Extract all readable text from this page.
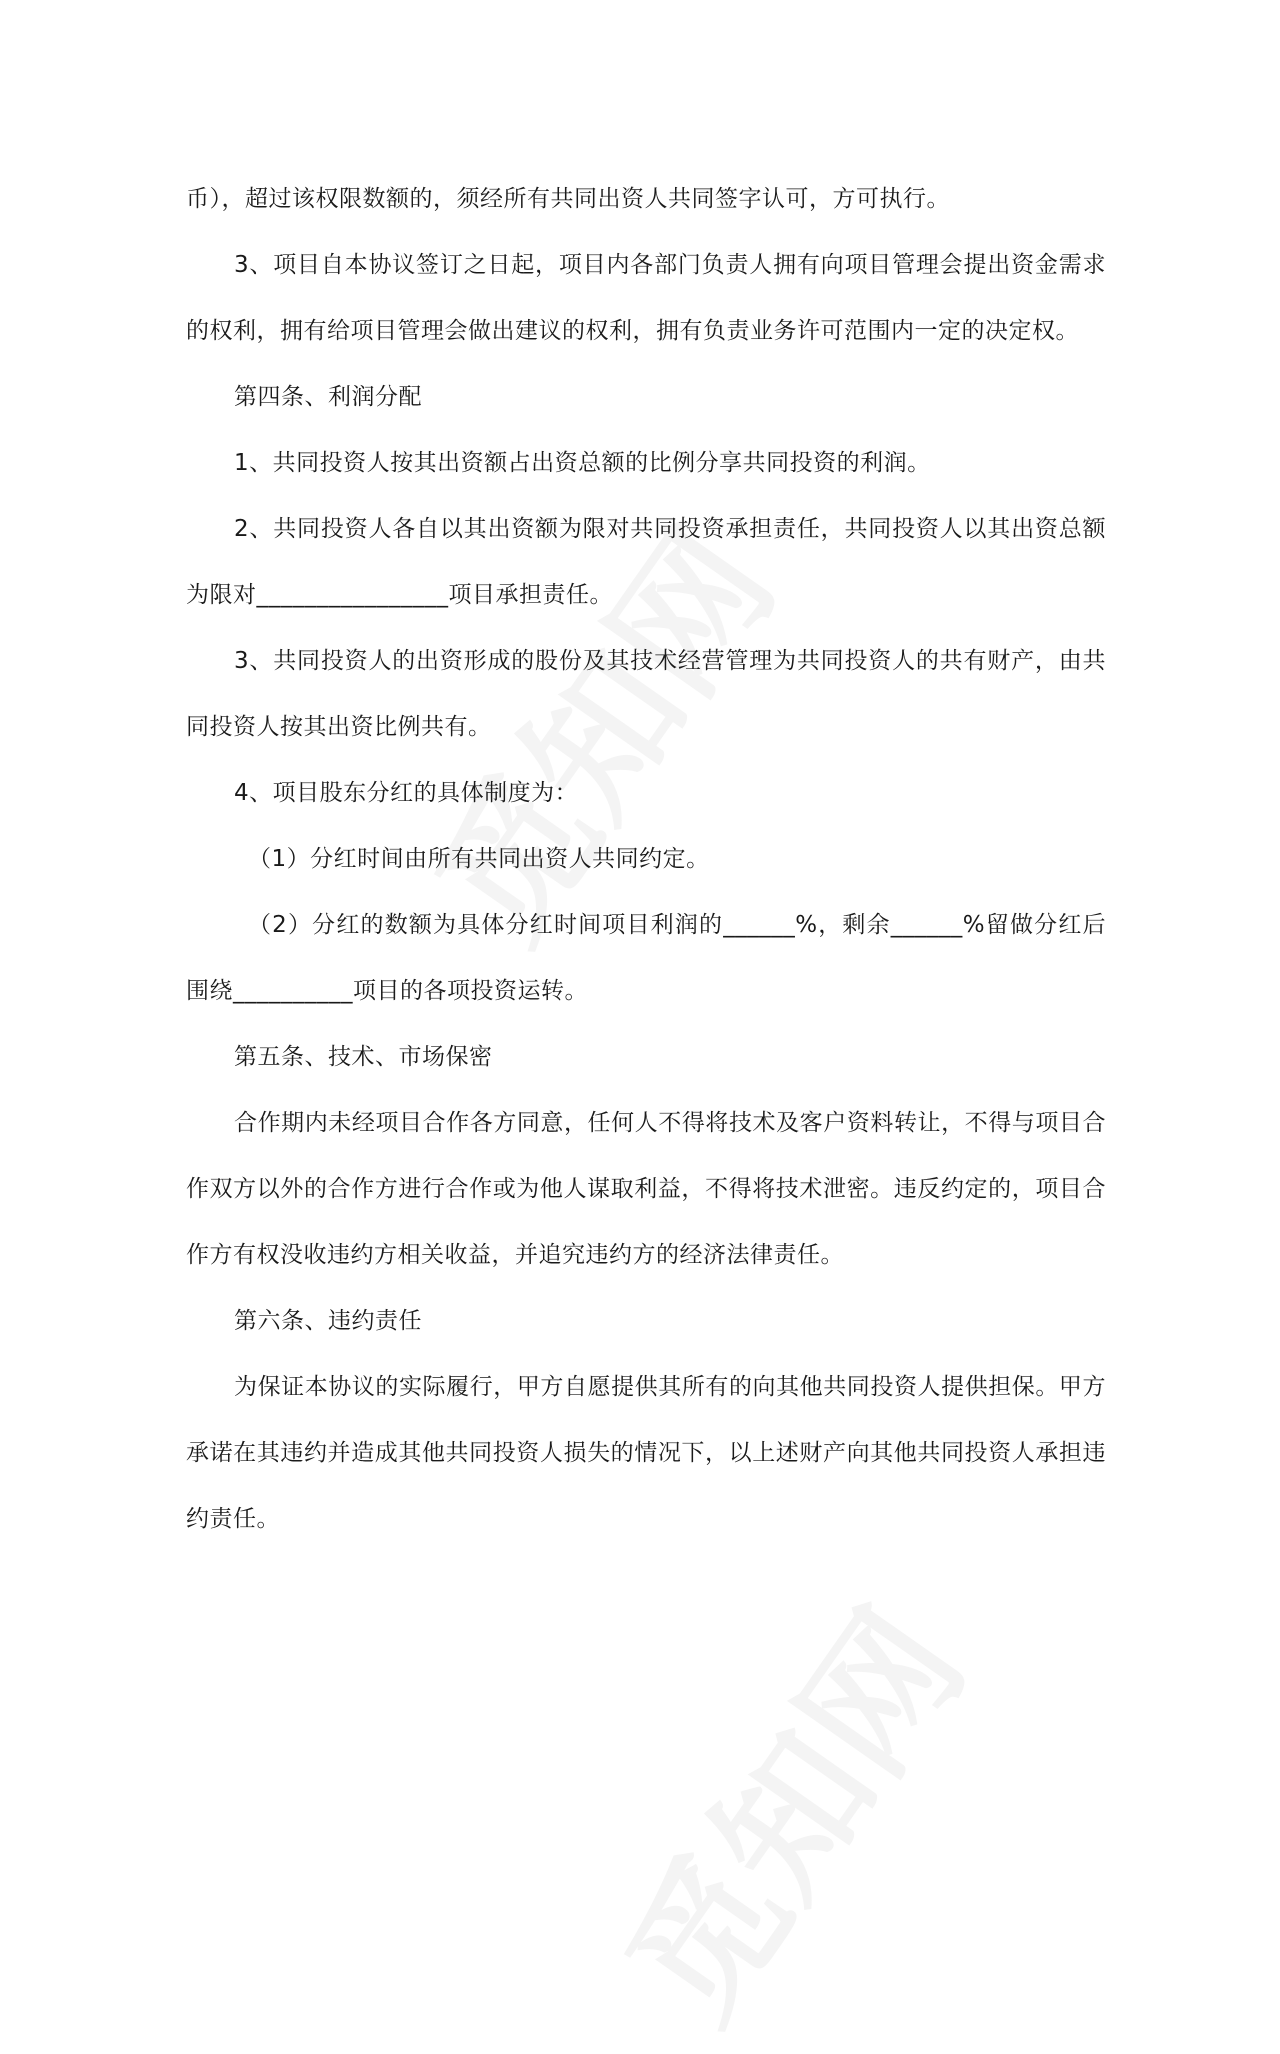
币），超过该权限数额的，须经所有共同出资人共同签字认可，方可执行。

3、项目自本协议签订之日起，项目内各部门负责人拥有向项目管理会提出资金需求的权利，拥有给项目管理会做出建议的权利，拥有负责业务许可范围内一定的决定权。

第四条、利润分配

1、共同投资人按其出资额占出资总额的比例分享共同投资的利润。

2、共同投资人各自以其出资额为限对共同投资承担责任，共同投资人以其出资总额为限对________________项目承担责任。

3、共同投资人的出资形成的股份及其技术经营管理为共同投资人的共有财产，由共同投资人按其出资比例共有。

4、项目股东分红的具体制度为：

（1）分红时间由所有共同出资人共同约定。

（2）分红的数额为具体分红时间项目利润的______%，剩余______%留做分红后围绕__________项目的各项投资运转。

第五条、技术、市场保密

合作期内未经项目合作各方同意，任何人不得将技术及客户资料转让，不得与项目合作双方以外的合作方进行合作或为他人谋取利益，不得将技术泄密。违反约定的，项目合作方有权没收违约方相关收益，并追究违约方的经济法律责任。

第六条、违约责任

为保证本协议的实际履行，甲方自愿提供其所有的向其他共同投资人提供担保。甲方承诺在其违约并造成其他共同投资人损失的情况下，以上述财产向其他共同投资人承担违约责任。
